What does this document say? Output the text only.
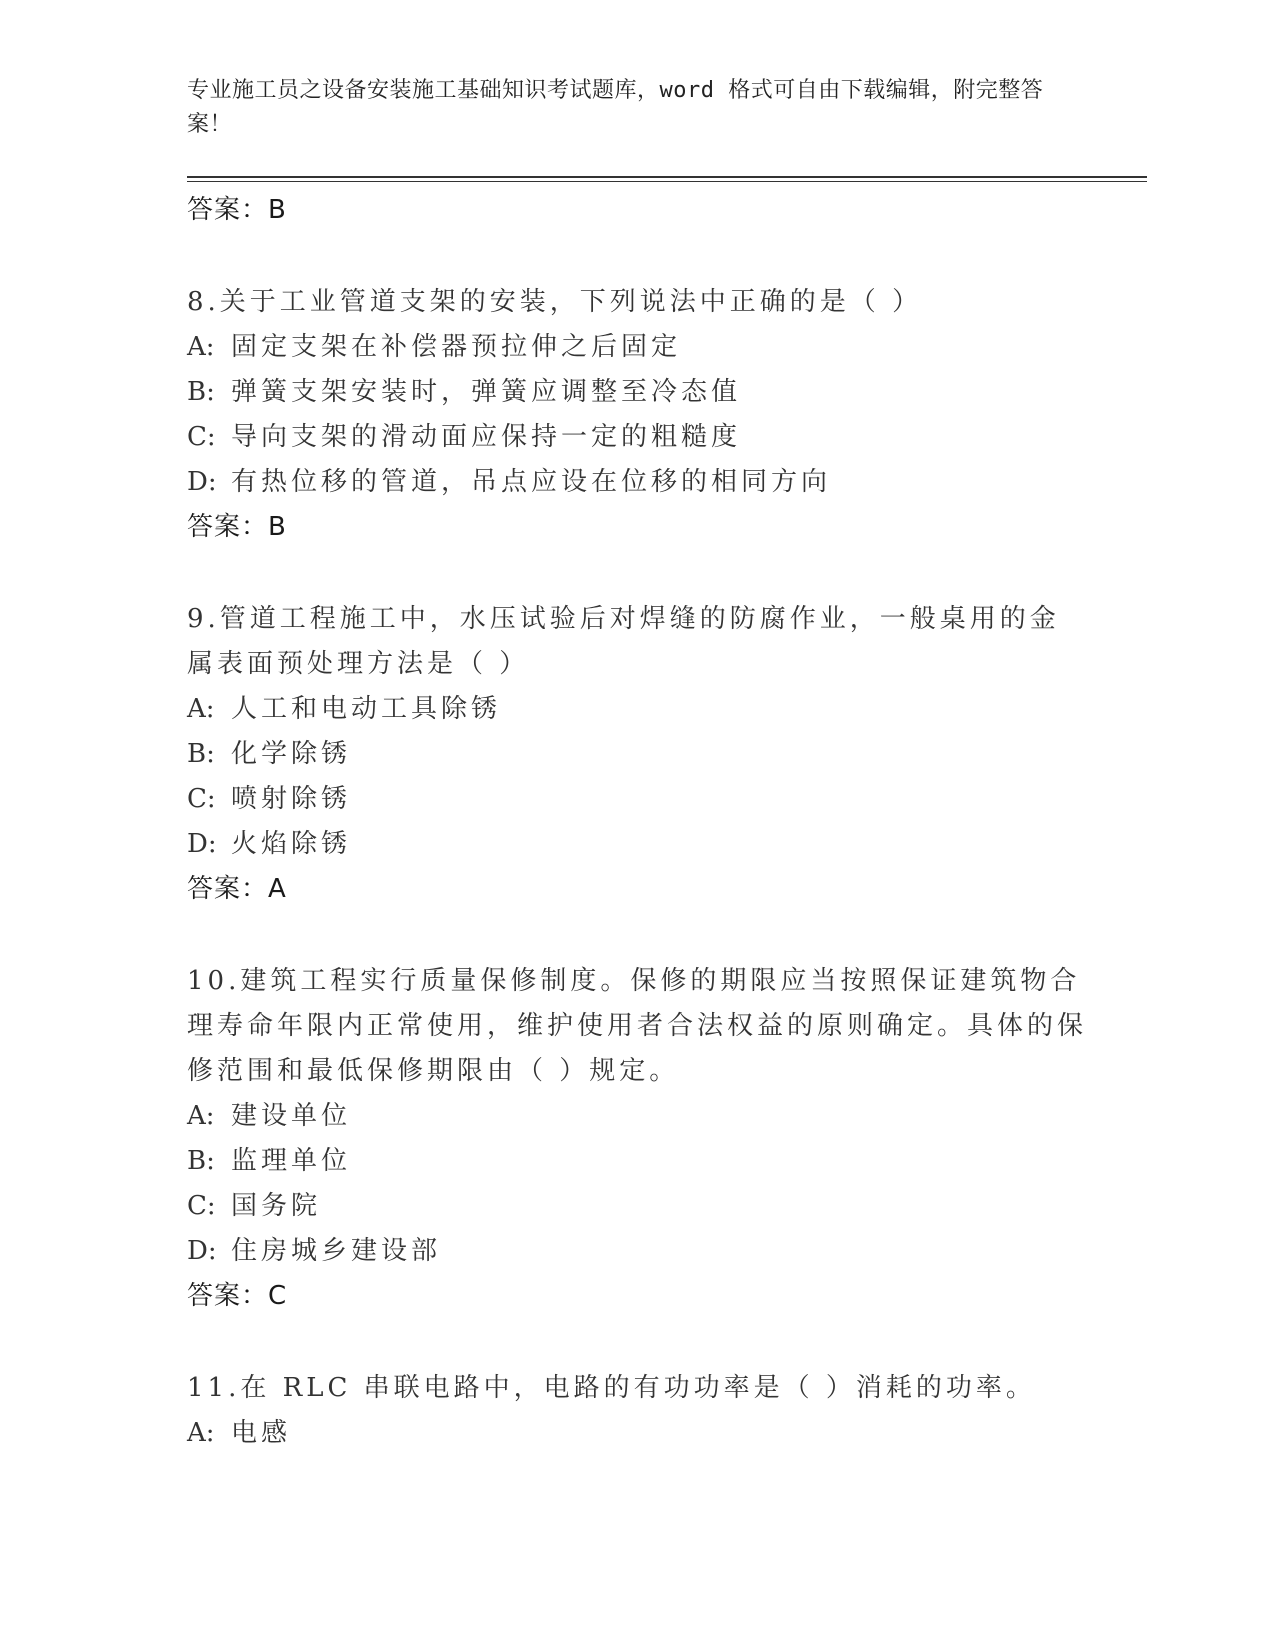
专业施工员之设备安装施工基础知识考试题库，word 格式可自由下载编辑，附完整答案！
答案：B
8.关于工业管道支架的安装，下列说法中正确的是（ ）
A: 固定支架在补偿器预拉伸之后固定
B: 弹簧支架安装时，弹簧应调整至冷态值
C: 导向支架的滑动面应保持一定的粗糙度
D: 有热位移的管道，吊点应设在位移的相同方向
答案：B
9.管道工程施工中，水压试验后对焊缝的防腐作业，一般桌用的金属表面预处理方法是（ ）
A: 人工和电动工具除锈
B: 化学除锈
C: 喷射除锈
D: 火焰除锈
答案：A
10.建筑工程实行质量保修制度。保修的期限应当按照保证建筑物合理寿命年限内正常使用，维护使用者合法权益的原则确定。具体的保修范围和最低保修期限由（ ）规定。
A: 建设单位
B: 监理单位
C: 国务院
D: 住房城乡建设部
答案：C
11.在 RLC 串联电路中，电路的有功功率是（ ）消耗的功率。
A: 电感
